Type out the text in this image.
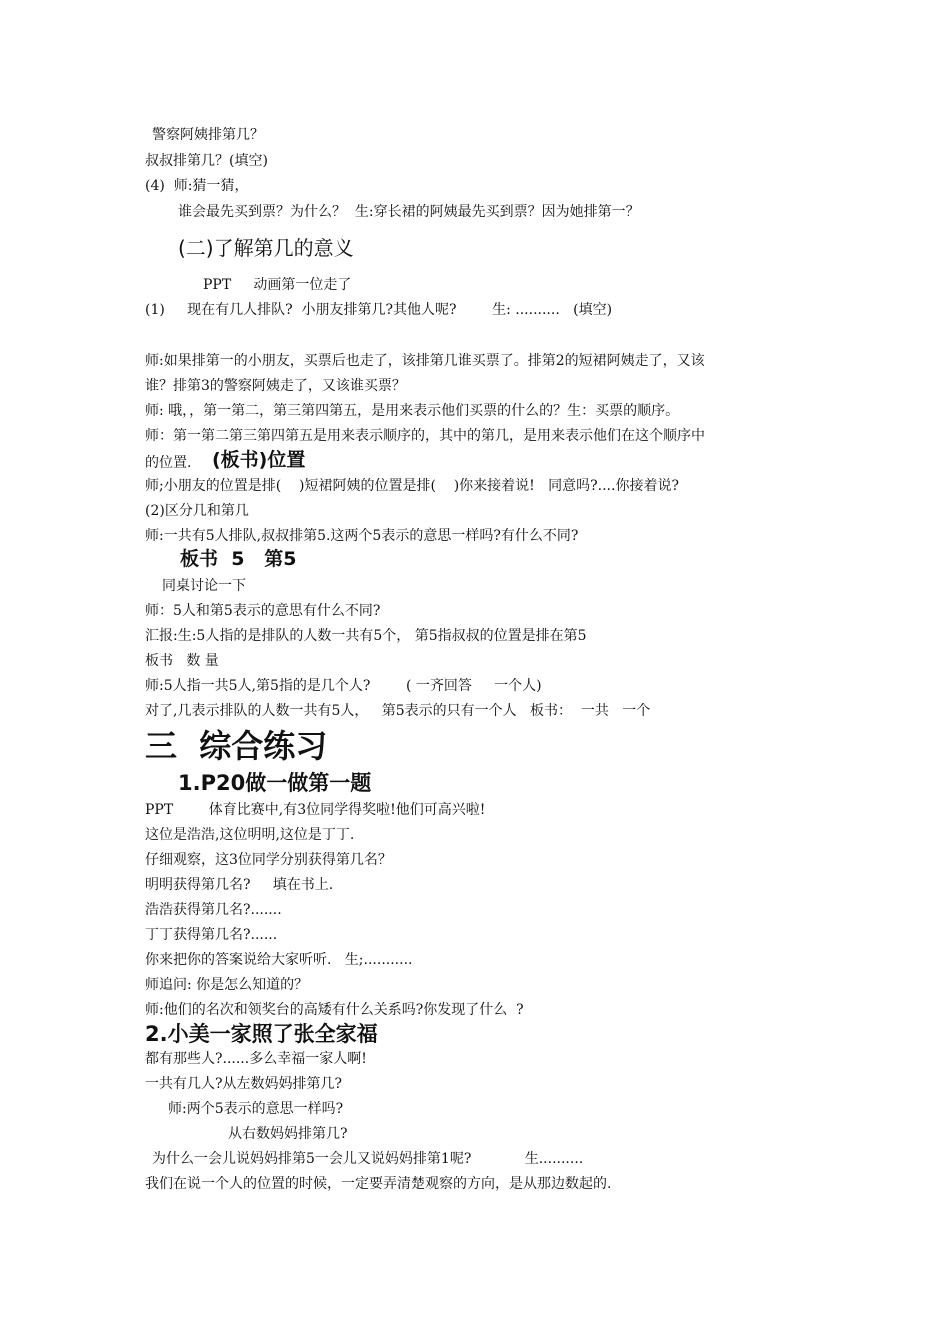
警察阿姨排第几？
叔叔排第几？(填空)
(4)  师:猜一猜，
谁会最先买到票？为什么？  生:穿长裙的阿姨最先买到票？因为她排第一？
(二)了解第几的意义
PPT     动画第一位走了
(1)     现在有几人排队?  小朋友排第几?其他人呢?        生: ..........   (填空)
师:如果排第一的小朋友，买票后也走了，该排第几谁买票了。排第2的短裙阿姨走了，又该
谁？排第3的警察阿姨走了，又该谁买票？
师: 哦，，第一第二，第三第四第五，是用来表示他们买票的什么的？生：买票的顺序。
师：第一第二第三第四第五是用来表示顺序的，其中的第几，是用来表示他们在这个顺序中
的位置. (板书)位置
师;小朋友的位置是排(    )短裙阿姨的位置是排(    )你来接着说!   同意吗?....你接着说?
(2)区分几和第几
师:一共有5人排队,叔叔排第5.这两个5表示的意思一样吗?有什么不同?
板书  5   第5
同桌讨论一下
师：5人和第5表示的意思有什么不同?
汇报:生:5人指的是排队的人数一共有5个， 第5指叔叔的位置是排在第5
板书   数 量
师:5人指一共5人,第5指的是几个人?        ( 一齐回答     一个人)
对了,几表示排队的人数一共有5人，   第5表示的只有一个人   板书：  一共   一个
三  综合练习
1.P20做一做第一题
PPT        体育比赛中,有3位同学得奖啦!他们可高兴啦!
这位是浩浩,这位明明,这位是丁丁.
仔细观察，这3位同学分别获得第几名？
明明获得第几名?     填在书上.
浩浩获得第几名?.......
丁丁获得第几名?......
你来把你的答案说给大家听听.   生;...........
师追问: 你是怎么知道的？
师:他们的名次和领奖台的高矮有什么关系吗?你发现了什么  ?
2.小美一家照了张全家福
都有那些人?......多么幸福一家人啊!
一共有几人?从左数妈妈排第几?
师:两个5表示的意思一样吗?
从右数妈妈排第几?
为什么一会儿说妈妈排第5一会儿又说妈妈排第1呢?            生..........
我们在说一个人的位置的时候，一定要弄清楚观察的方向，是从那边数起的.
